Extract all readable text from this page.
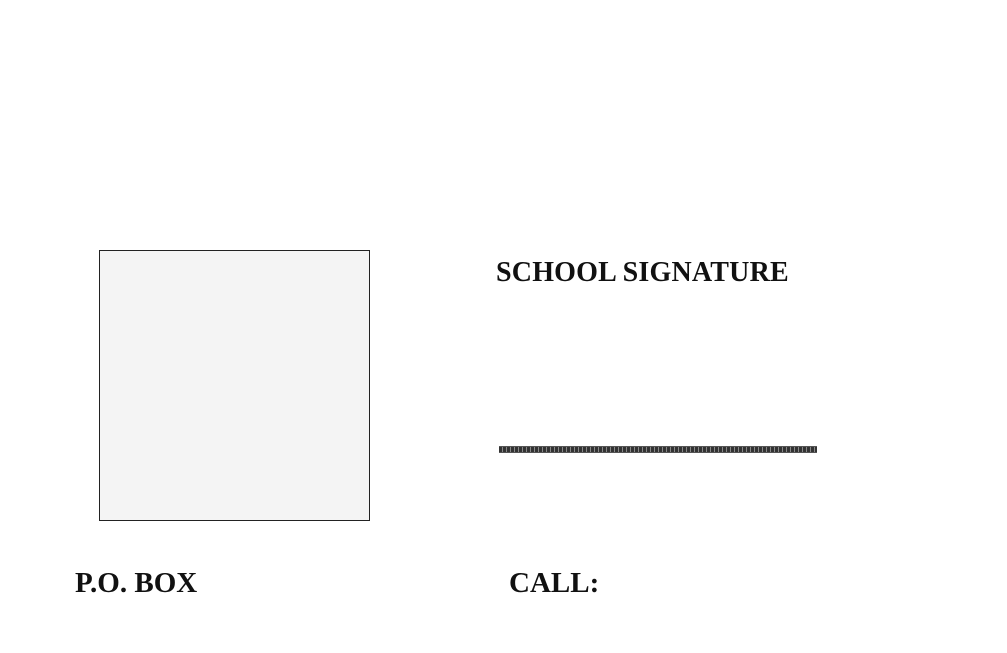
SCHOOL SIGNATURE
P.O. BOX	CALL:
